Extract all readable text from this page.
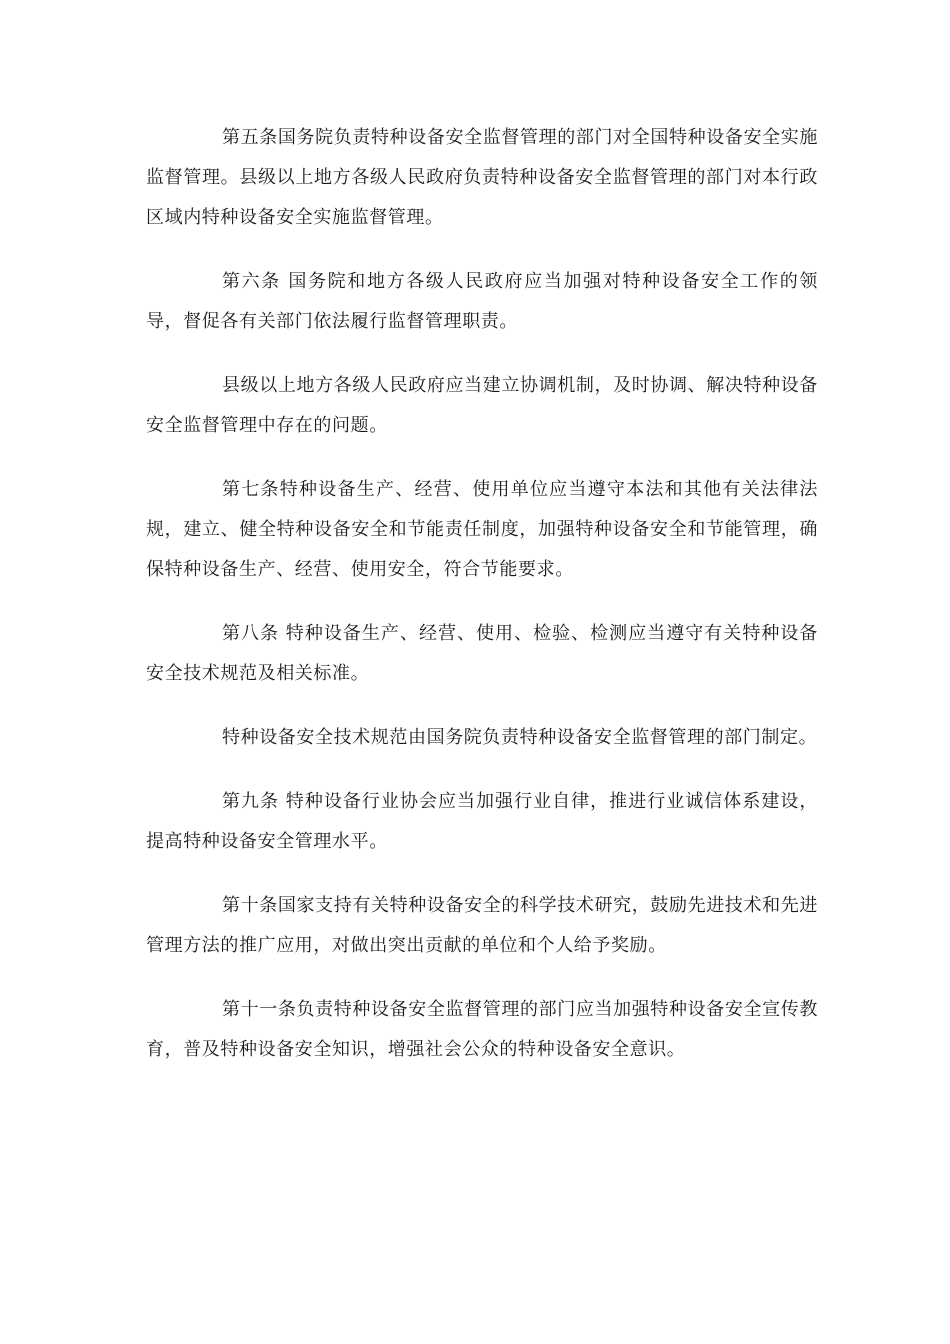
第五条国务院负责特种设备安全监督管理的部门对全国特种设备安全实施监督管理。县级以上地方各级人民政府负责特种设备安全监督管理的部门对本行政区域内特种设备安全实施监督管理。

第六条 国务院和地方各级人民政府应当加强对特种设备安全工作的领导，督促各有关部门依法履行监督管理职责。

县级以上地方各级人民政府应当建立协调机制，及时协调、解决特种设备安全监督管理中存在的问题。

第七条特种设备生产、经营、使用单位应当遵守本法和其他有关法律法规，建立、健全特种设备安全和节能责任制度，加强特种设备安全和节能管理，确保特种设备生产、经营、使用安全，符合节能要求。

第八条 特种设备生产、经营、使用、检验、检测应当遵守有关特种设备安全技术规范及相关标准。

特种设备安全技术规范由国务院负责特种设备安全监督管理的部门制定。

第九条 特种设备行业协会应当加强行业自律，推进行业诚信体系建设，提高特种设备安全管理水平。

第十条国家支持有关特种设备安全的科学技术研究，鼓励先进技术和先进管理方法的推广应用，对做出突出贡献的单位和个人给予奖励。

第十一条负责特种设备安全监督管理的部门应当加强特种设备安全宣传教育，普及特种设备安全知识，增强社会公众的特种设备安全意识。
